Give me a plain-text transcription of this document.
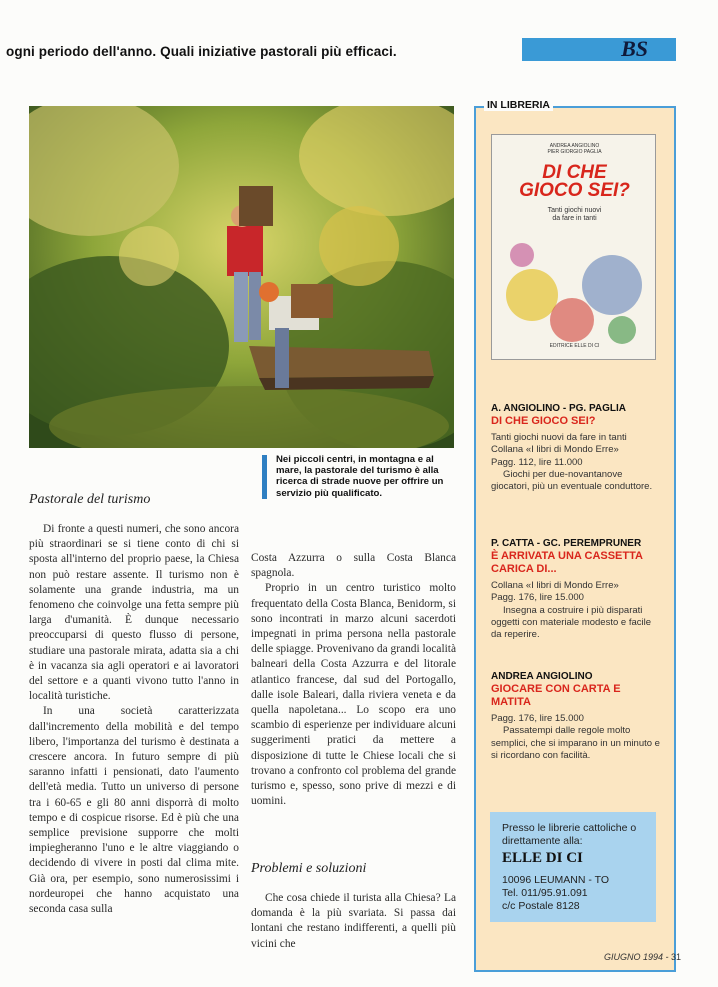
ogni periodo dell'anno. Quali iniziative pastorali più efficaci.	BS
Nei piccoli centri, in montagna e al mare, la pastorale del turismo è alla ricerca di strade nuove per offrire un servizio più qualificato.
Pastorale del turismo

Di fronte a questi numeri, che sono ancora più straordinari se si tiene conto di chi si sposta all'interno del proprio paese, la Chiesa non può restare assente. Il turismo non è solamente una grande industria, ma un fenomeno che coinvolge una fetta sempre più larga d'umanità. È dunque necessario preoccuparsi di questo flusso di persone, studiare una pastorale mirata, adatta sia a chi è in vacanza sia agli operatori e ai lavoratori del settore e a quanti vivono tutto l'anno in località turistiche.

In una società caratterizzata dall'incremento della mobilità e del tempo libero, l'importanza del turismo è destinata a crescere ancora. In futuro sempre di più saranno infatti i pensionati, dato l'aumento dell'età media. Tutto un universo di persone tra i 60-65 e gli 80 anni disporrà di molto tempo e di cospicue risorse. Ed è più che una semplice previsione supporre che molti impiegheranno l'uno e le altre viaggiando o decidendo di vivere in posti dal clima mite. Già ora, per esempio, sono numerosissimi i nordeuropei che hanno acquistato una seconda casa sulla

Costa Azzurra o sulla Costa Blanca spagnola.

Proprio in un centro turistico molto frequentato della Costa Blanca, Benidorm, si sono incontrati in marzo alcuni sacerdoti impegnati in prima persona nella pastorale delle spiagge. Provenivano da grandi località balneari della Costa Azzurra e del litorale atlantico francese, dal sud del Portogallo, dalle isole Baleari, dalla riviera veneta e da quella napoletana... Lo scopo era uno scambio di esperienze per individuare alcuni suggerimenti pratici da mettere a disposizione di tutte le Chiese locali che si trovano a confronto col problema del grande turismo e, spesso, sono prive di mezzi e di uomini.

Problemi e soluzioni

Che cosa chiede il turista alla Chiesa? La domanda è la più svariata. Si passa dai lontani che restano indifferenti, a quelli più vicini che

IN LIBRERIA
ANDREA ANGIOLINO
PIER GIORGIO PAGLIA
DI CHE
GIOCO SEI?
Tanti giochi nuovi
da fare in tanti
EDITRICE ELLE DI CI
A. ANGIOLINO - PG. PAGLIA
DI CHE GIOCO SEI?
Tanti giochi nuovi da fare in tanti
Collana «I libri di Mondo Erre»
Pagg. 112, lire 11.000
Giochi per due-novantanove giocatori, più un eventuale conduttore.
P. CATTA - GC. PEREMPRUNER
È ARRIVATA UNA CASSETTA CARICA DI...
Collana «I libri di Mondo Erre»
Pagg. 176, lire 15.000
Insegna a costruire i più disparati oggetti con materiale modesto e facile da reperire.
ANDREA ANGIOLINO
GIOCARE CON CARTA E MATITA
Pagg. 176, lire 15.000
Passatempi dalle regole molto semplici, che si imparano in un minuto e si ricordano con facilità.
Presso le librerie cattoliche o direttamente alla:
ELLE DI CI
10096 LEUMANN - TO
Tel. 011/95.91.091
c/c Postale 8128
GIUGNO 1994 - 31
